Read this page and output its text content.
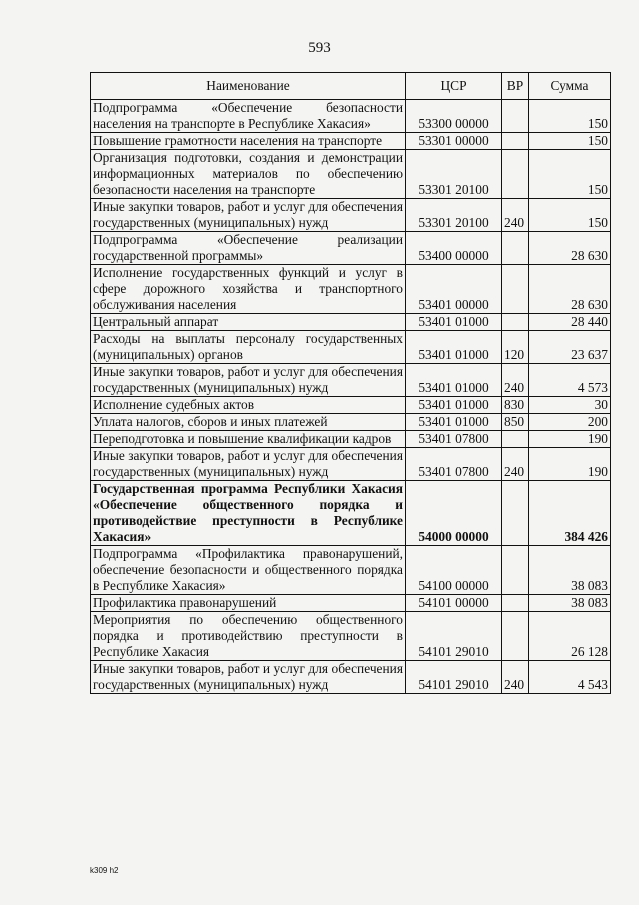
593
Наименование	ЦСР	ВР	Сумма
Подпрограмма «Обеспечение безопасности населения на транспорте в Республике Хакасия»	53300 00000		150
Повышение грамотности населения на транспорте	53301 00000		150
Организация подготовки, создания и демонстрации информационных материалов по обеспечению безопасности населения на транспорте	53301 20100		150
Иные закупки товаров, работ и услуг для обеспечения государственных (муниципальных) нужд	53301 20100	240	150
Подпрограмма «Обеспечение реализации государственной программы»	53400 00000		28 630
Исполнение государственных функций и услуг в сфере дорожного хозяйства и транспортного обслуживания населения	53401 00000		28 630
Центральный аппарат	53401 01000		28 440
Расходы на выплаты персоналу государственных (муниципальных) органов	53401 01000	120	23 637
Иные закупки товаров, работ и услуг для обеспечения государственных (муниципальных) нужд	53401 01000	240	4 573
Исполнение судебных актов	53401 01000	830	30
Уплата налогов, сборов и иных платежей	53401 01000	850	200
Переподготовка и повышение квалификации кадров	53401 07800		190
Иные закупки товаров, работ и услуг для обеспечения государственных (муниципальных) нужд	53401 07800	240	190
Государственная программа Республики Хакасия «Обеспечение общественного порядка и противодействие преступности в Республике Хакасия»	54000 00000		384 426
Подпрограмма «Профилактика правонарушений, обеспечение безопасности и общественного порядка в Республике Хакасия»	54100 00000		38 083
Профилактика правонарушений	54101 00000		38 083
Мероприятия по обеспечению общественного порядка и противодействию преступности в Республике Хакасия	54101 29010		26 128
Иные закупки товаров, работ и услуг для обеспечения государственных (муниципальных) нужд	54101 29010	240	4 543
k309 h2
